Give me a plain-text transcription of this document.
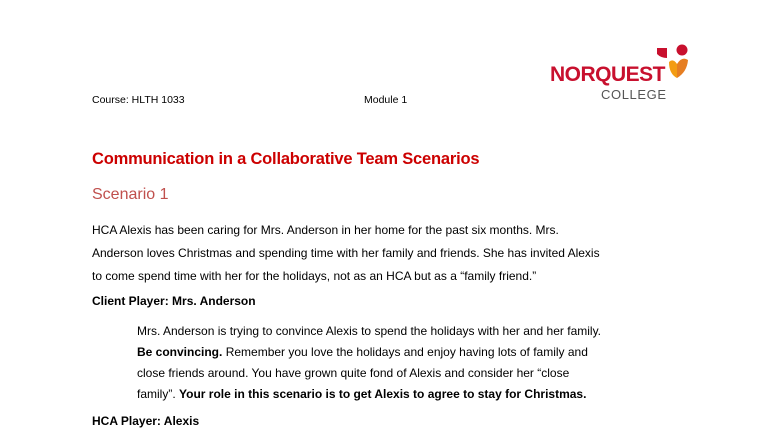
NORQUEST
COLLEGE
Course: HLTH 1033	Module 1
Communication in a Collaborative Team Scenarios
Scenario 1
HCA Alexis has been caring for Mrs. Anderson in her home for the past six months. Mrs.
Anderson loves Christmas and spending time with her family and friends. She has invited Alexis
to come spend time with her for the holidays, not as an HCA but as a “family friend.”
Client Player: Mrs. Anderson
Mrs. Anderson is trying to convince Alexis to spend the holidays with her and her family.
Be convincing. Remember you love the holidays and enjoy having lots of family and
close friends around. You have grown quite fond of Alexis and consider her “close
family”. Your role in this scenario is to get Alexis to agree to stay for Christmas.
HCA Player: Alexis
